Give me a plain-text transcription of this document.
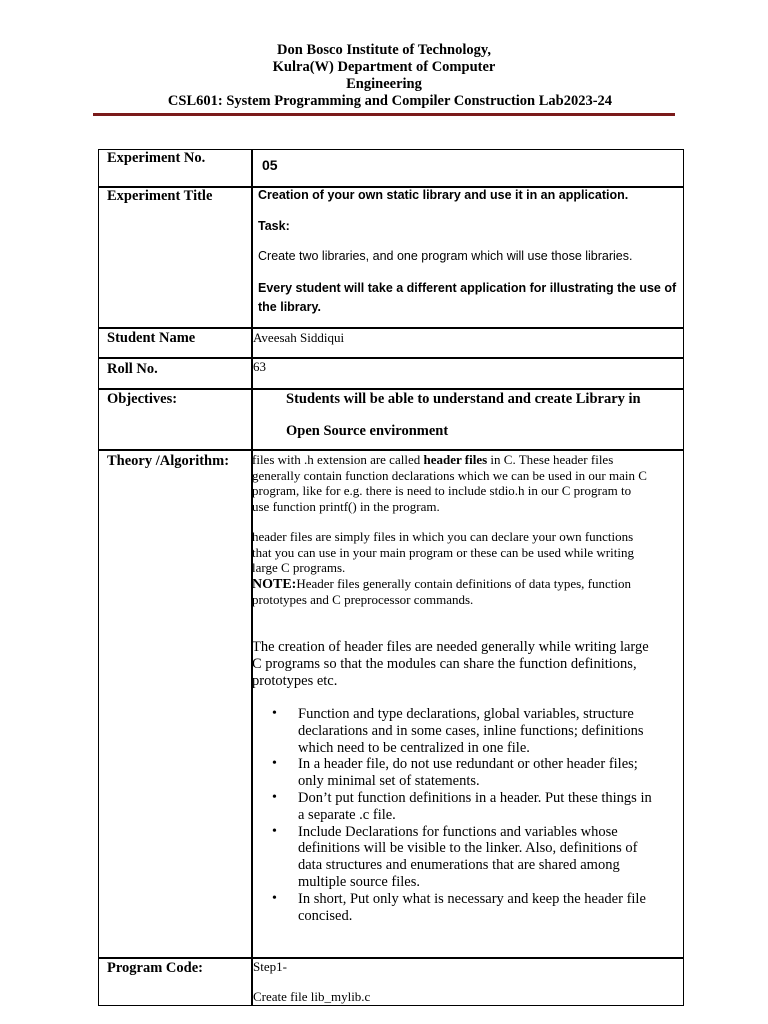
Don Bosco Institute of Technology,
Kulra(W) Department of Computer
Engineering
CSL601: System Programming and Compiler Construction Lab2023-24
Experiment No.	05
Experiment Title	Creation of your own static library and use it in an application.
Task:
Create two libraries, and one program which will use those libraries.
Every student will take a different application for illustrating the use of
the library.
Student Name	Aveesah Siddiqui
Roll No.	63
Objectives:	Students will be able to understand and create Library in
Open Source environment
Theory /Algorithm: files with .h extension are called header files in C. These header files
generally contain function declarations which we can be used in our main C
program, like for e.g. there is need to include stdio.h in our C program to
use function printf() in the program.
header files are simply files in which you can declare your own functions
that you can use in your main program or these can be used while writing
large C programs.
NOTE:Header files generally contain definitions of data types, function
prototypes and C preprocessor commands.
The creation of header files are needed generally while writing large
C programs so that the modules can share the function definitions,
prototypes etc.
• Function and type declarations, global variables, structure
declarations and in some cases, inline functions; definitions
which need to be centralized in one file.
• In a header file, do not use redundant or other header files;
only minimal set of statements.
• Don’t put function definitions in a header. Put these things in
a separate .c file.
• Include Declarations for functions and variables whose
definitions will be visible to the linker. Also, definitions of
data structures and enumerations that are shared among
multiple source files.
• In short, Put only what is necessary and keep the header file
concised.
Program Code:	Step1-
Create file lib_mylib.c
